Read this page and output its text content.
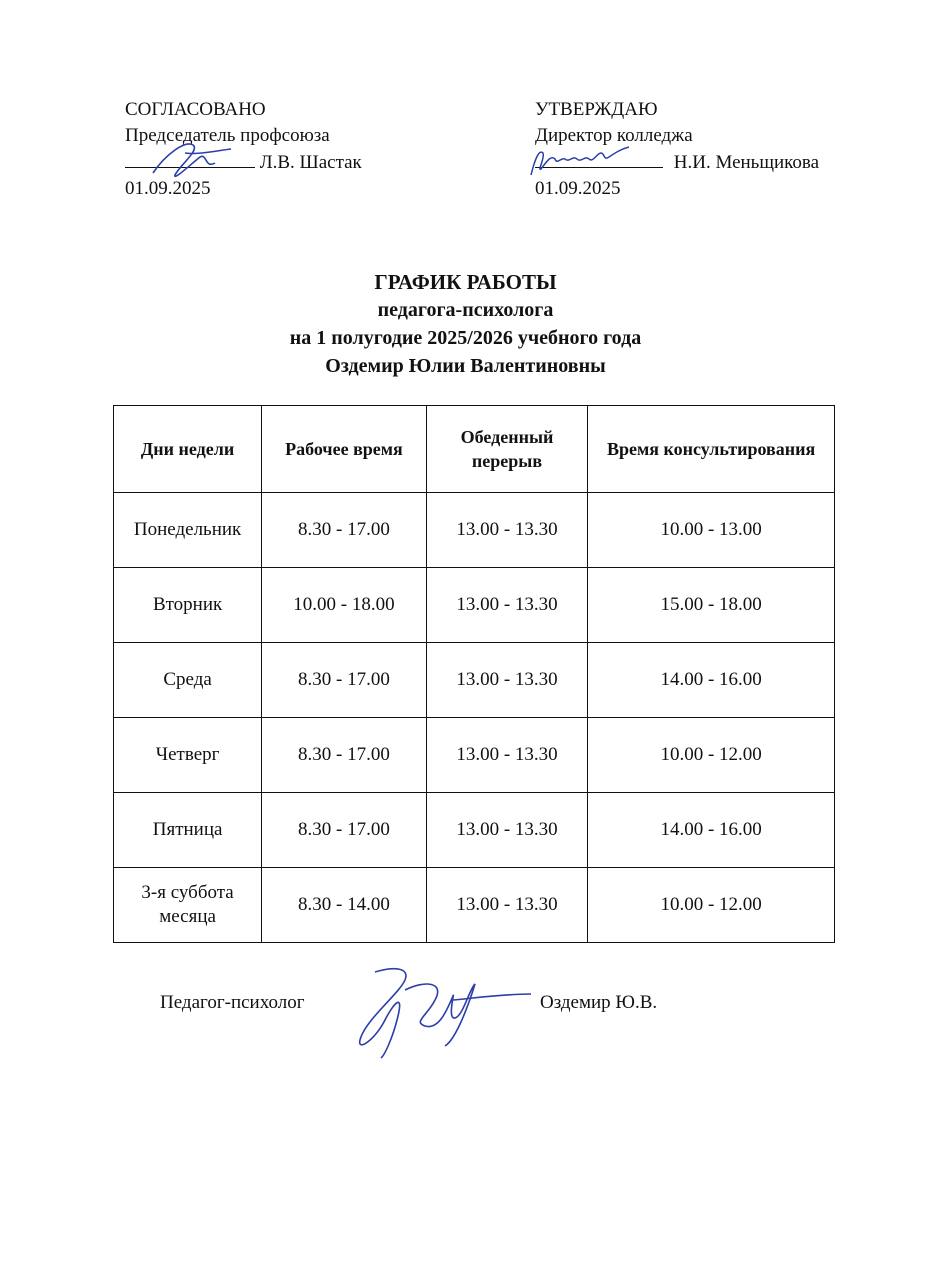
СОГЛАСОВАНО
Председатель профсоюза
Л.В. Шастак
01.09.2025
УТВЕРЖДАЮ
Директор колледжа
Н.И. Меньщикова
01.09.2025
ГРАФИК РАБОТЫ
педагога-психолога
на 1 полугодие 2025/2026 учебного года
Оздемир Юлии Валентиновны
Дни недели	Рабочее время	Обеденный перерыв	Время консультирования
Понедельник	8.30 - 17.00	13.00 - 13.30	10.00 - 13.00
Вторник	10.00 - 18.00	13.00 - 13.30	15.00 - 18.00
Среда	8.30 - 17.00	13.00 - 13.30	14.00 - 16.00
Четверг	8.30 - 17.00	13.00 - 13.30	10.00 - 12.00
Пятница	8.30 - 17.00	13.00 - 13.30	14.00 - 16.00
3-я суббота месяца	8.30 - 14.00	13.00 - 13.30	10.00 - 12.00
Педагог-психолог	Оздемир Ю.В.
